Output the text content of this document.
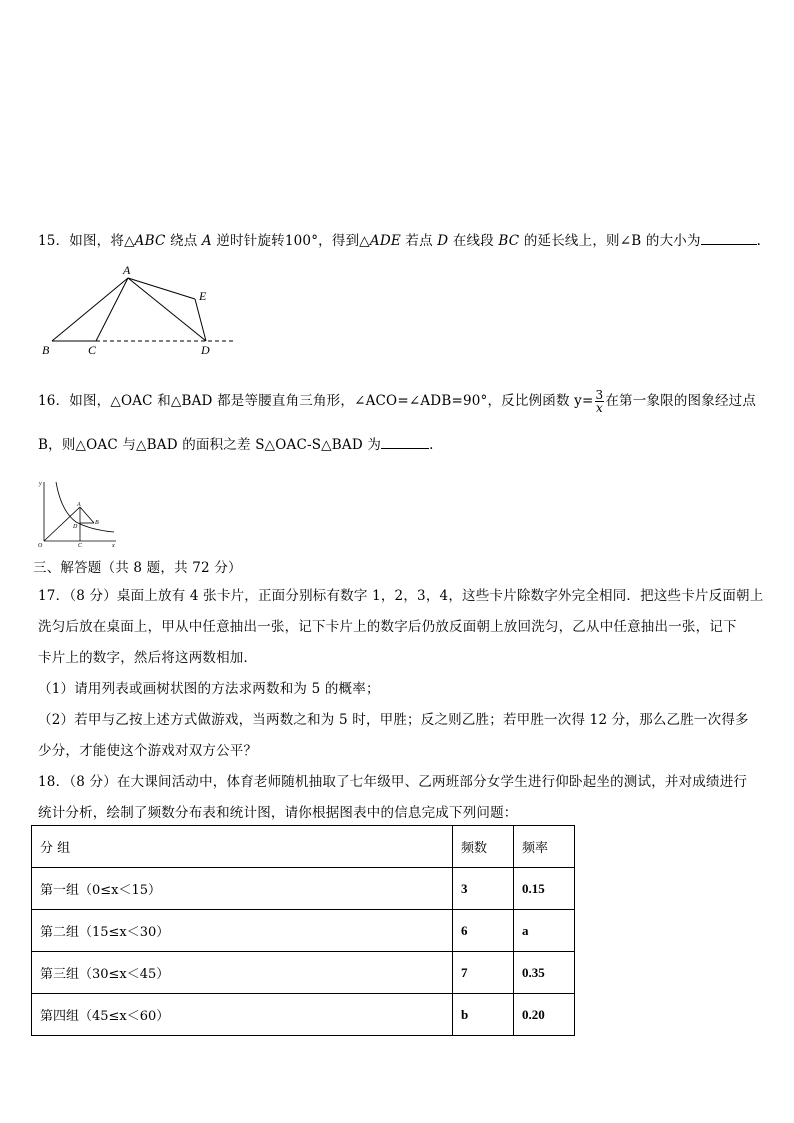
15．如图，将△ABC 绕点 A 逆时针旋转100°，得到△ADE 若点 D 在线段 BC 的延长线上，则∠B 的大小为	.
A
E
B	C	D
16．如图，△OAC 和△BAD 都是等腰直角三角形，∠ACO=∠ADB=90°，反比例函数 $y= \frac{3}{x}$ 在第一象限的图象经过点
B，则△OAC 与△BAD 的面积之差 S△OAC-S△BAD 为	.
y
O	C	x
A
D
B
三、解答题（共 8 题，共 72 分）
17．（8 分）桌面上放有 4 张卡片，正面分别标有数字 1，2，3，4，这些卡片除数字外完全相同．把这些卡片反面朝上
洗匀后放在桌面上，甲从中任意抽出一张，记下卡片上的数字后仍放反面朝上放回洗匀，乙从中任意抽出一张，记下
卡片上的数字，然后将这两数相加．
（1）请用列表或画树状图的方法求两数和为 5 的概率；
（2）若甲与乙按上述方式做游戏，当两数之和为 5 时，甲胜；反之则乙胜；若甲胜一次得 12 分，那么乙胜一次得多
少分，才能使这个游戏对双方公平？
18．（8 分）在大课间活动中，体育老师随机抽取了七年级甲、乙两班部分女学生进行仰卧起坐的测试，并对成绩进行
统计分析，绘制了频数分布表和统计图，请你根据图表中的信息完成下列问题：
分 组	频数	频率
第一组（0≤x＜15）	3	0.15
第二组（15≤x＜30）	6	a
第三组（30≤x＜45）	7	0.35
第四组（45≤x＜60）	b	0.20
